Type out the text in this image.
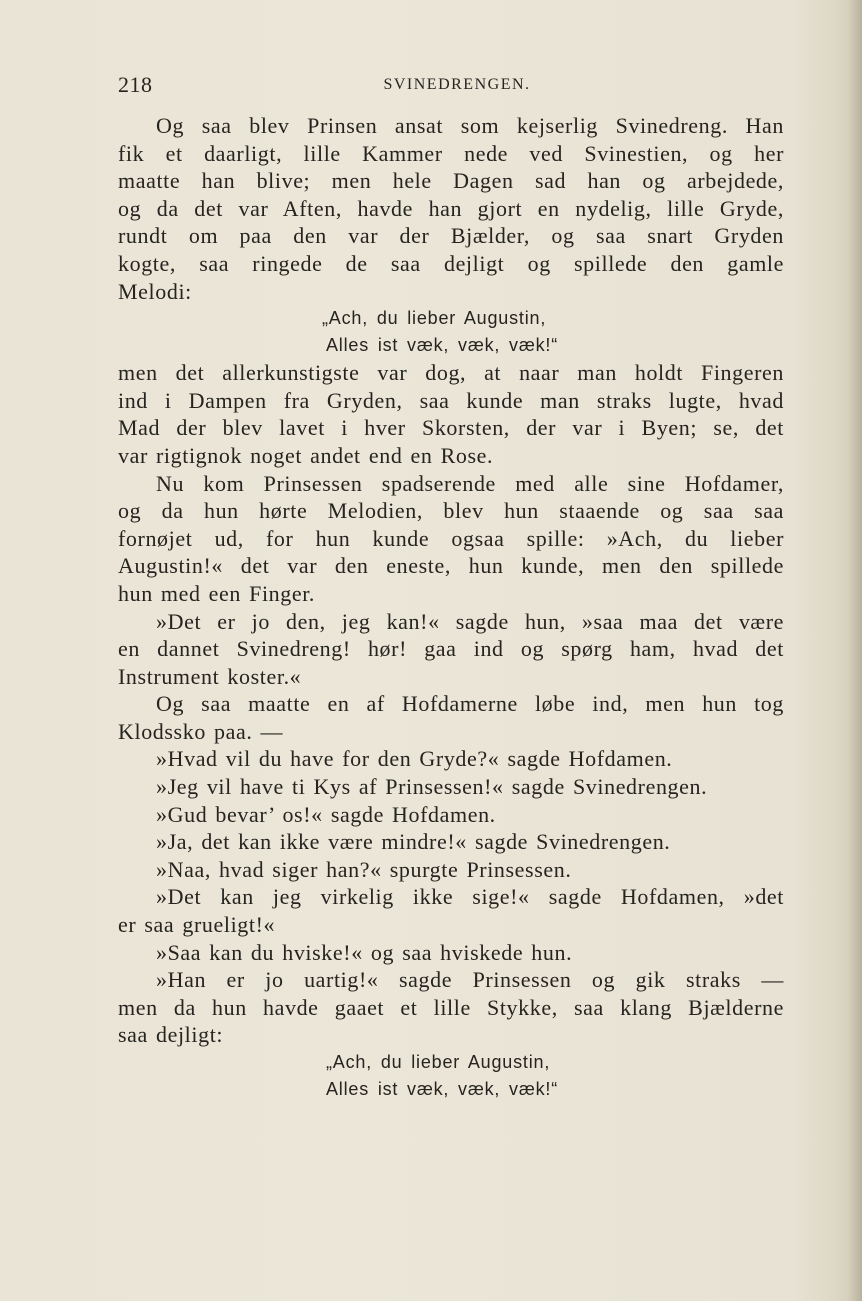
218	SVINEDRENGEN.
Og saa blev Prinsen ansat som kejserlig Svinedreng. Han
fik et daarligt, lille Kammer nede ved Svinestien, og her
maatte han blive; men hele Dagen sad han og arbejdede,
og da det var Aften, havde han gjort en nydelig, lille Gryde,
rundt om paa den var der Bjælder, og saa snart Gryden
kogte, saa ringede de saa dejligt og spillede den gamle
Melodi:
„Ach, du lieber Augustin,
Alles ist væk, væk, væk!“
men det allerkunstigste var dog, at naar man holdt Fingeren
ind i Dampen fra Gryden, saa kunde man straks lugte, hvad
Mad der blev lavet i hver Skorsten, der var i Byen; se, det
var rigtignok noget andet end en Rose.
Nu kom Prinsessen spadserende med alle sine Hofdamer,
og da hun hørte Melodien, blev hun staaende og saa saa
fornøjet ud, for hun kunde ogsaa spille: »Ach, du lieber
Augustin!« det var den eneste, hun kunde, men den spillede
hun med een Finger.
»Det er jo den, jeg kan!« sagde hun, »saa maa det være
en dannet Svinedreng! hør! gaa ind og spørg ham, hvad det
Instrument koster.«
Og saa maatte en af Hofdamerne løbe ind, men hun tog
Klodssko paa. —
»Hvad vil du have for den Gryde?« sagde Hofdamen.
»Jeg vil have ti Kys af Prinsessen!« sagde Svinedrengen.
»Gud bevar’ os!« sagde Hofdamen.
»Ja, det kan ikke være mindre!« sagde Svinedrengen.
»Naa, hvad siger han?« spurgte Prinsessen.
»Det kan jeg virkelig ikke sige!« sagde Hofdamen, »det
er saa grueligt!«
»Saa kan du hviske!« og saa hviskede hun.
»Han er jo uartig!« sagde Prinsessen og gik straks —
men da hun havde gaaet et lille Stykke, saa klang Bjælderne
saa dejligt:
„Ach, du lieber Augustin,
Alles ist væk, væk, væk!“
